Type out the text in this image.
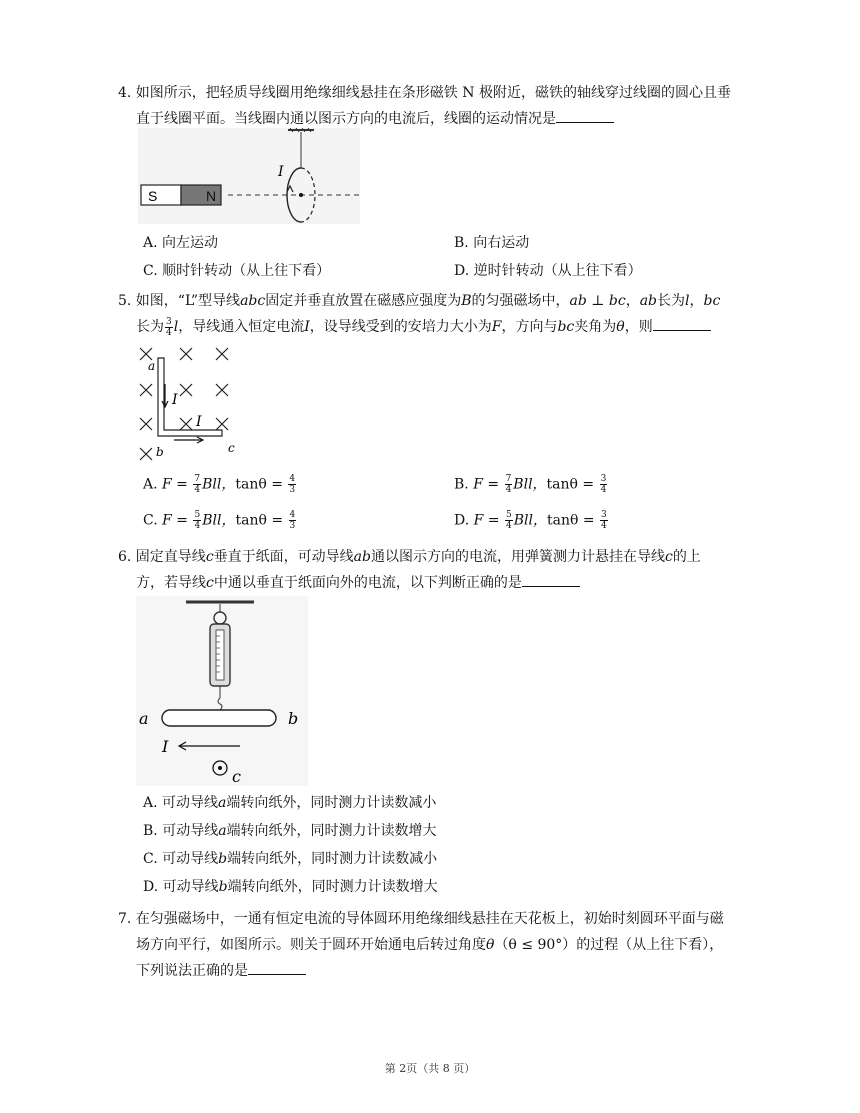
4. 如图所示，把轻质导线圈用绝缘细线悬挂在条形磁铁 N 极附近，磁铁的轴线穿过线圈的圆心且垂
直于线圈平面。当线圈内通以图示方向的电流后，线圈的运动情况是
S	N
I
A. 向左运动	B. 向右运动
C. 顺时针转动（从上往下看）	D. 逆时针转动（从上往下看）
5. 如图，“L”型导线abc固定并垂直放置在磁感应强度为B的匀强磁场中，ab ⊥ bc，ab长为l，bc
长为 $\frac{3}{4}$ l，导线通入恒定电流I，设导线受到的安培力大小为F，方向与bc夹角为θ，则
a
b	c
I
I
A. $F = \frac{7}{4}$ Bll，$\tan\theta = \frac{4}{3}$	B. $F = \frac{7}{4}$ Bll，$\tan\theta = \frac{3}{4}$
C. $F = \frac{5}{4}$ Bll，$\tan\theta = \frac{4}{3}$	D. $F = \frac{5}{4}$ Bll，$\tan\theta = \frac{3}{4}$
6. 固定直导线c垂直于纸面，可动导线ab通以图示方向的电流，用弹簧测力计悬挂在导线c的上
方，若导线c中通以垂直于纸面向外的电流，以下判断正确的是
a	b
I
c
A. 可动导线a端转向纸外，同时测力计读数减小
B. 可动导线a端转向纸外，同时测力计读数增大
C. 可动导线b端转向纸外，同时测力计读数减小
D. 可动导线b端转向纸外，同时测力计读数增大
7. 在匀强磁场中，一通有恒定电流的导体圆环用绝缘细线悬挂在天花板上，初始时刻圆环平面与磁
场方向平行，如图所示。则关于圆环开始通电后转过角度θ（θ ≤ 90°）的过程（从上往下看），
下列说法正确的是
第 2页（共 8 页）
